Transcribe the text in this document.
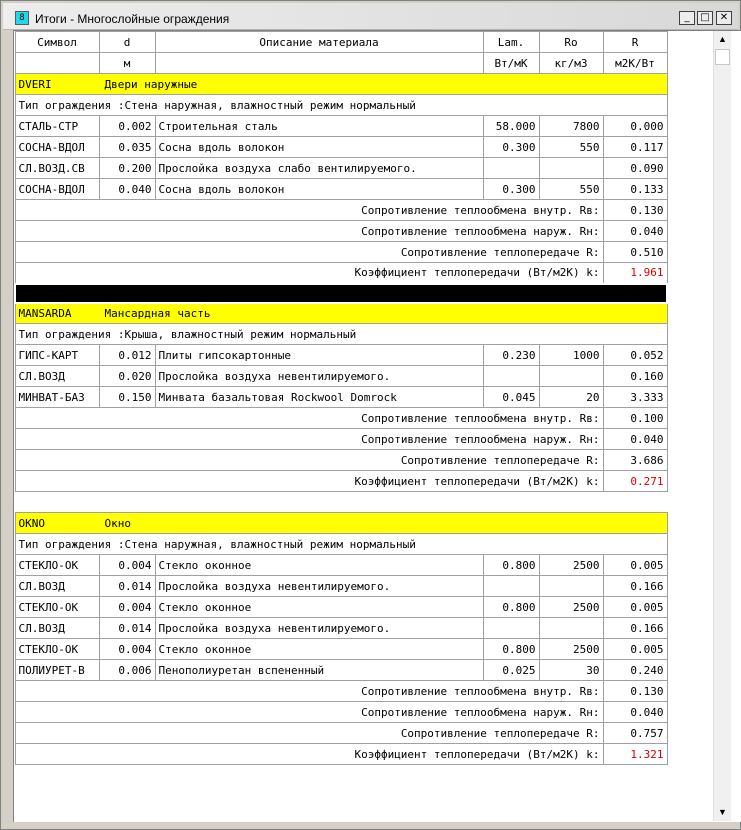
8 Итоги - Многослойные ограждения	_	□	✕
Символ	d	Описание материала	Lam.	Ro	R
	м		Вт/мК	кг/м3	м2К/Вт
DVERI Двери наружные					
Тип ограждения :Стена наружная, влажностный режим нормальный					
СТАЛЬ-СТР	0.002	Строительная сталь	58.000	7800	0.000
СОСНА-ВДОЛ	0.035	Сосна вдоль волокон	0.300	550	0.117
СЛ.ВОЗД.СВ	0.200	Прослойка воздуха слабо вентилируемого.			0.090
СОСНА-ВДОЛ	0.040	Сосна вдоль волокон	0.300	550	0.133
Сопротивление теплообмена внутр. Rв:					0.130
Сопротивление теплообмена наруж. Rн:					0.040
Сопротивление теплопередаче R:					0.510
Коэффициент теплопередачи (Вт/м2К) k:					1.961

MANSARDA Мансардная часть					
Тип ограждения :Крыша, влажностный режим нормальный					
ГИПС-КАРТ	0.012	Плиты гипсокартонные	0.230	1000	0.052
СЛ.ВОЗД	0.020	Прослойка воздуха невентилируемого.			0.160
МИНВАТ-БАЗ	0.150	Минвата базальтовая Rockwool Domrock	0.045	20	3.333
Сопротивление теплообмена внутр. Rв:					0.100
Сопротивление теплообмена наруж. Rн:					0.040
Сопротивление теплопередаче R:					3.686
Коэффициент теплопередачи (Вт/м2К) k:					0.271

OKNO Окно					
Тип ограждения :Стена наружная, влажностный режим нормальный					
СТЕКЛО-ОК	0.004	Стекло оконное	0.800	2500	0.005
СЛ.ВОЗД	0.014	Прослойка воздуха невентилируемого.			0.166
СТЕКЛО-ОК	0.004	Стекло оконное	0.800	2500	0.005
СЛ.ВОЗД	0.014	Прослойка воздуха невентилируемого.			0.166
СТЕКЛО-ОК	0.004	Стекло оконное	0.800	2500	0.005
ПОЛИУРЕТ-В	0.006	Пенополиуретан вспененный	0.025	30	0.240
Сопротивление теплообмена внутр. Rв:					0.130
Сопротивление теплообмена наруж. Rн:					0.040
Сопротивление теплопередаче R:					0.757
Коэффициент теплопередачи (Вт/м2К) k:					1.321
▲
▼
